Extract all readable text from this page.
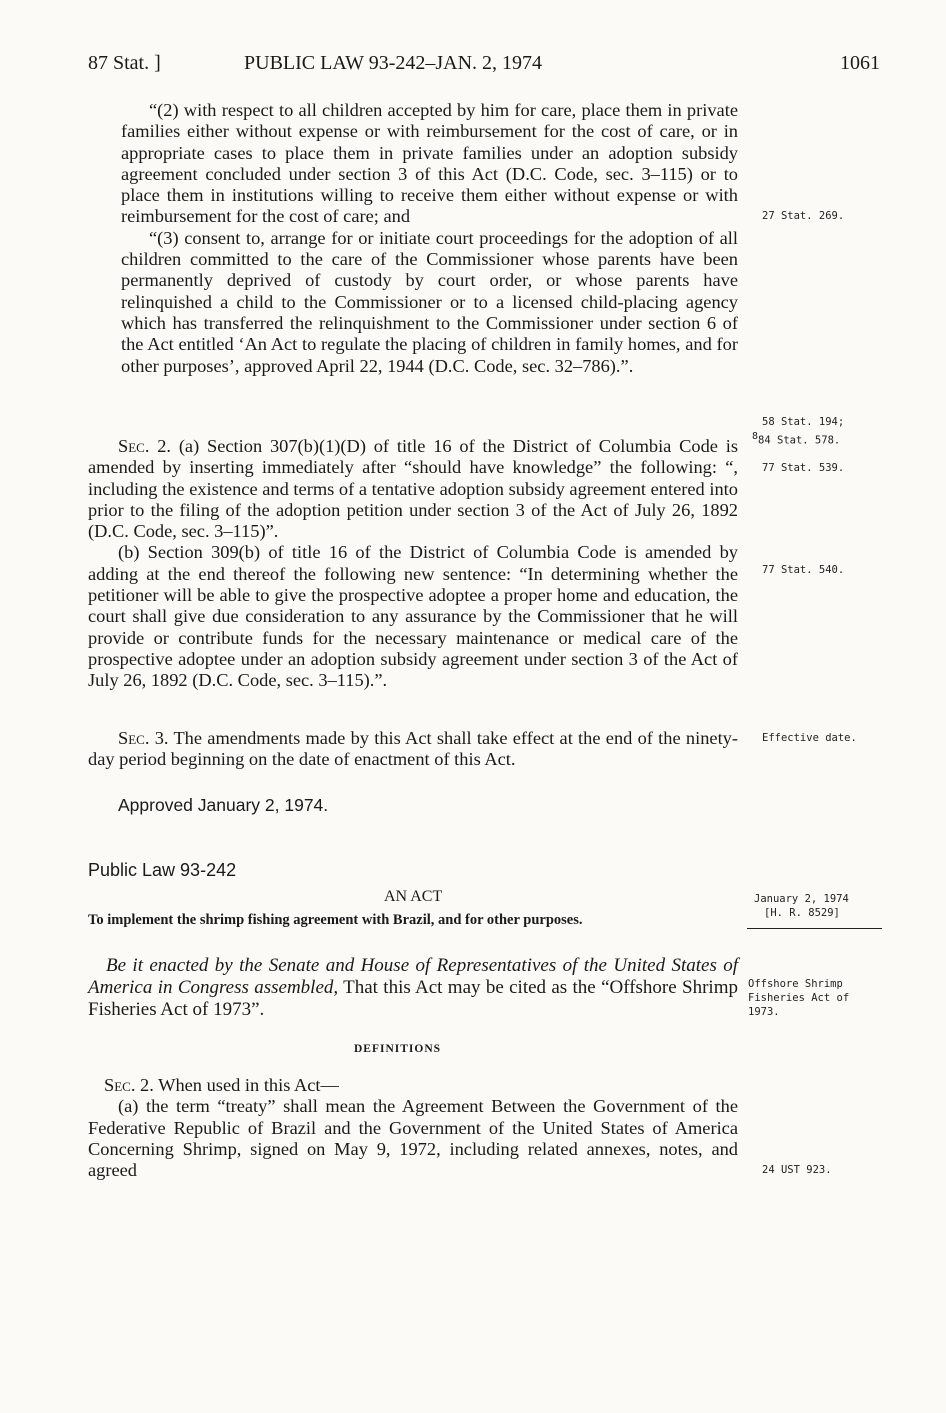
87 Stat. ]	PUBLIC LAW 93-242–JAN. 2, 1974	1061

“(2) with respect to all children accepted by him for care, place them in private families either without expense or with reimbursement for the cost of care, or in appropriate cases to place them in private families under an adoption subsidy agreement concluded under section 3 of this Act (D.C. Code, sec. 3–115) or to place them in institutions willing to receive them either without expense or with reimbursement for the cost of care; and

“(3) consent to, arrange for or initiate court proceedings for the adoption of all children committed to the care of the Commissioner whose parents have been permanently deprived of custody by court order, or whose parents have relinquished a child to the Commissioner or to a licensed child-placing agency which has transferred the relinquishment to the Commissioner under section 6 of the Act entitled ‘An Act to regulate the placing of children in family homes, and for other purposes’, approved April 22, 1944 (D.C. Code, sec. 32–786).”.

Sec. 2. (a) Section 307(b)(1)(D) of title 16 of the District of Columbia Code is amended by inserting immediately after “should have knowledge” the following: “, including the existence and terms of a tentative adoption subsidy agreement entered into prior to the filing of the adoption petition under section 3 of the Act of July 26, 1892 (D.C. Code, sec. 3–115)”.

(b) Section 309(b) of title 16 of the District of Columbia Code is amended by adding at the end thereof the following new sentence: “In determining whether the petitioner will be able to give the prospective adoptee a proper home and education, the court shall give due consideration to any assurance by the Commissioner that he will provide or contribute funds for the necessary maintenance or medical care of the prospective adoptee under an adoption subsidy agreement under section 3 of the Act of July 26, 1892 (D.C. Code, sec. 3–115).”.

Sec. 3. The amendments made by this Act shall take effect at the end of the ninety-day period beginning on the date of enactment of this Act.

Approved January 2, 1974.

Public Law 93-242
AN ACT
To implement the shrimp fishing agreement with Brazil, and for other purposes.

Be it enacted by the Senate and House of Representatives of the United States of America in Congress assembled, That this Act may be cited as the “Offshore Shrimp Fisheries Act of 1973”.

DEFINITIONS

Sec. 2. When used in this Act—

(a) the term “treaty” shall mean the Agreement Between the Government of the Federative Republic of Brazil and the Government of the United States of America Concerning Shrimp, signed on May 9, 1972, including related annexes, notes, and agreed

27 Stat. 269.
58 Stat. 194;
$^8$84 Stat. 578.
77 Stat. 539.
77 Stat. 540.
Effective date.
January 2, 1974
[H. R. 8529]
Offshore Shrimp
Fisheries Act of
1973.
24 UST 923.
